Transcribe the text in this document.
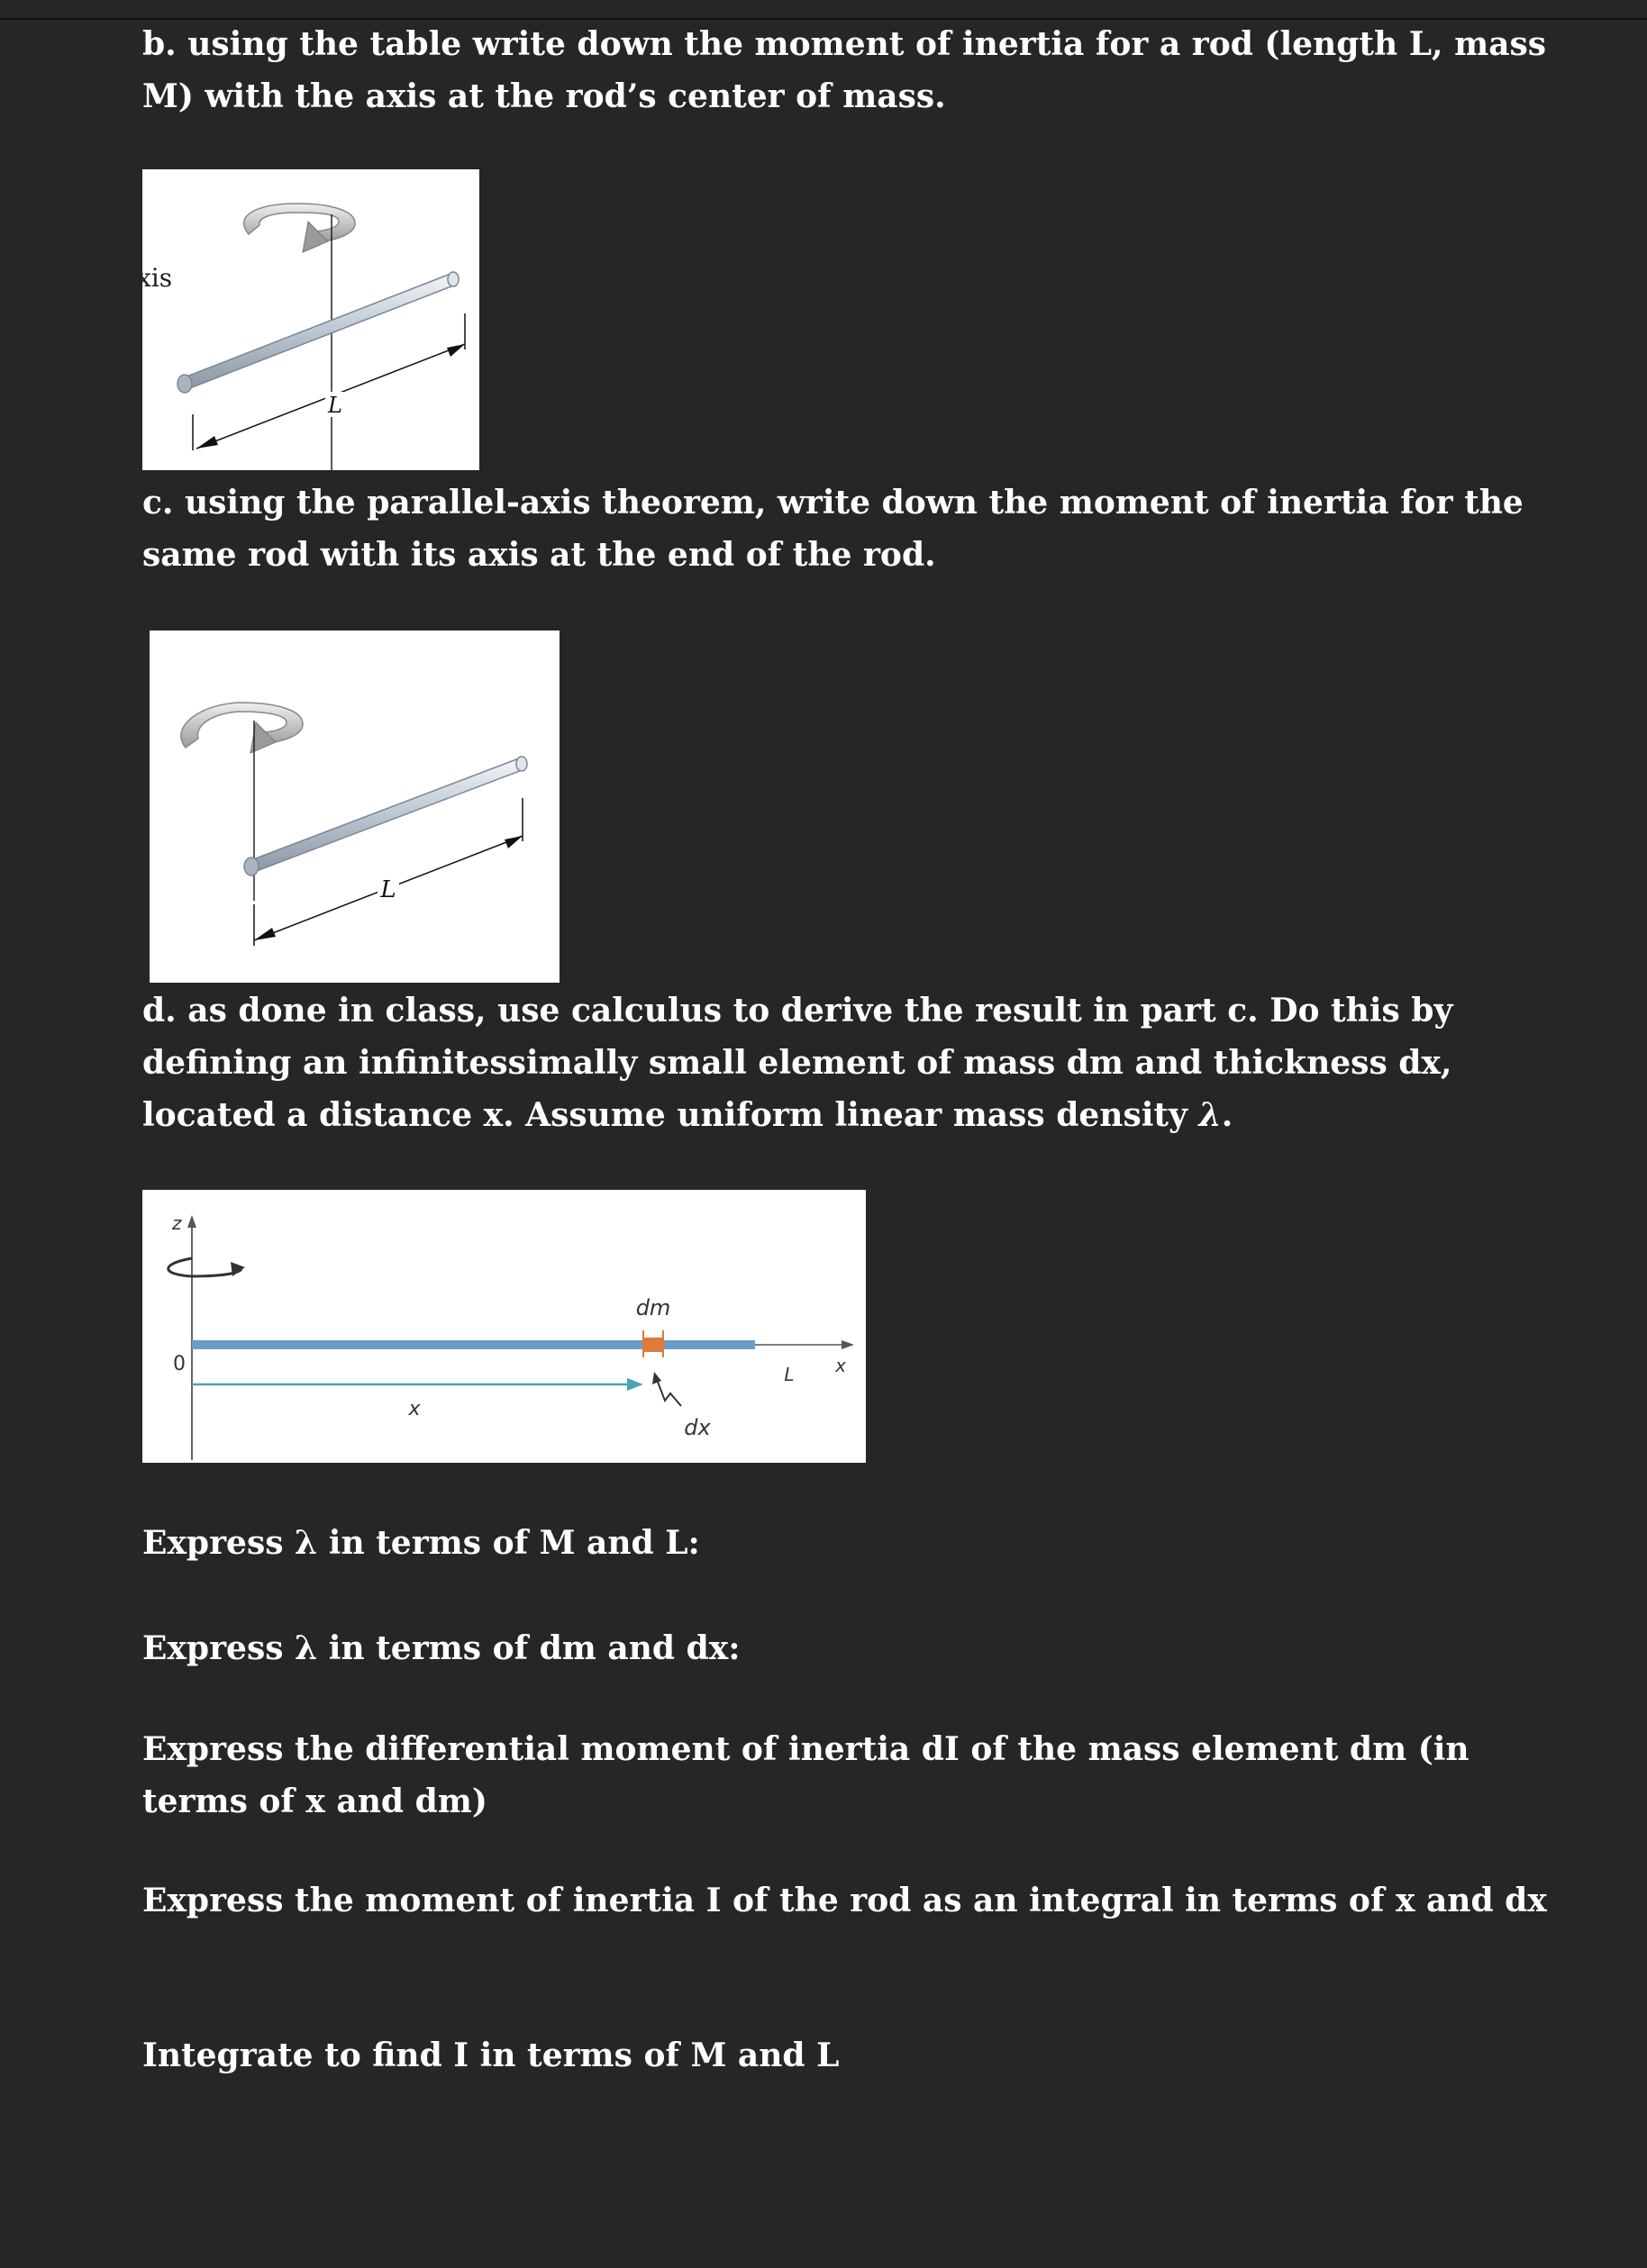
b. using the table write down the moment of inertia for a rod (length L, mass
M) with the axis at the rod’s center of mass.

L
xis

c. using the parallel-axis theorem, write down the moment of inertia for the
same rod with its axis at the end of the rod.

L

d. as done in class, use calculus to derive the result in part c. Do this by
defining an infinitessimally small element of mass dm and thickness dx,
located a distance x. Assume uniform linear mass density λ.

z
0
dm
x
dx
L x

Express λ in terms of M and L:

Express λ in terms of dm and dx:

Express the differential moment of inertia dI of the mass element dm (in
terms of x and dm)

Express the moment of inertia I of the rod as an integral in terms of x and dx

Integrate to find I in terms of M and L
